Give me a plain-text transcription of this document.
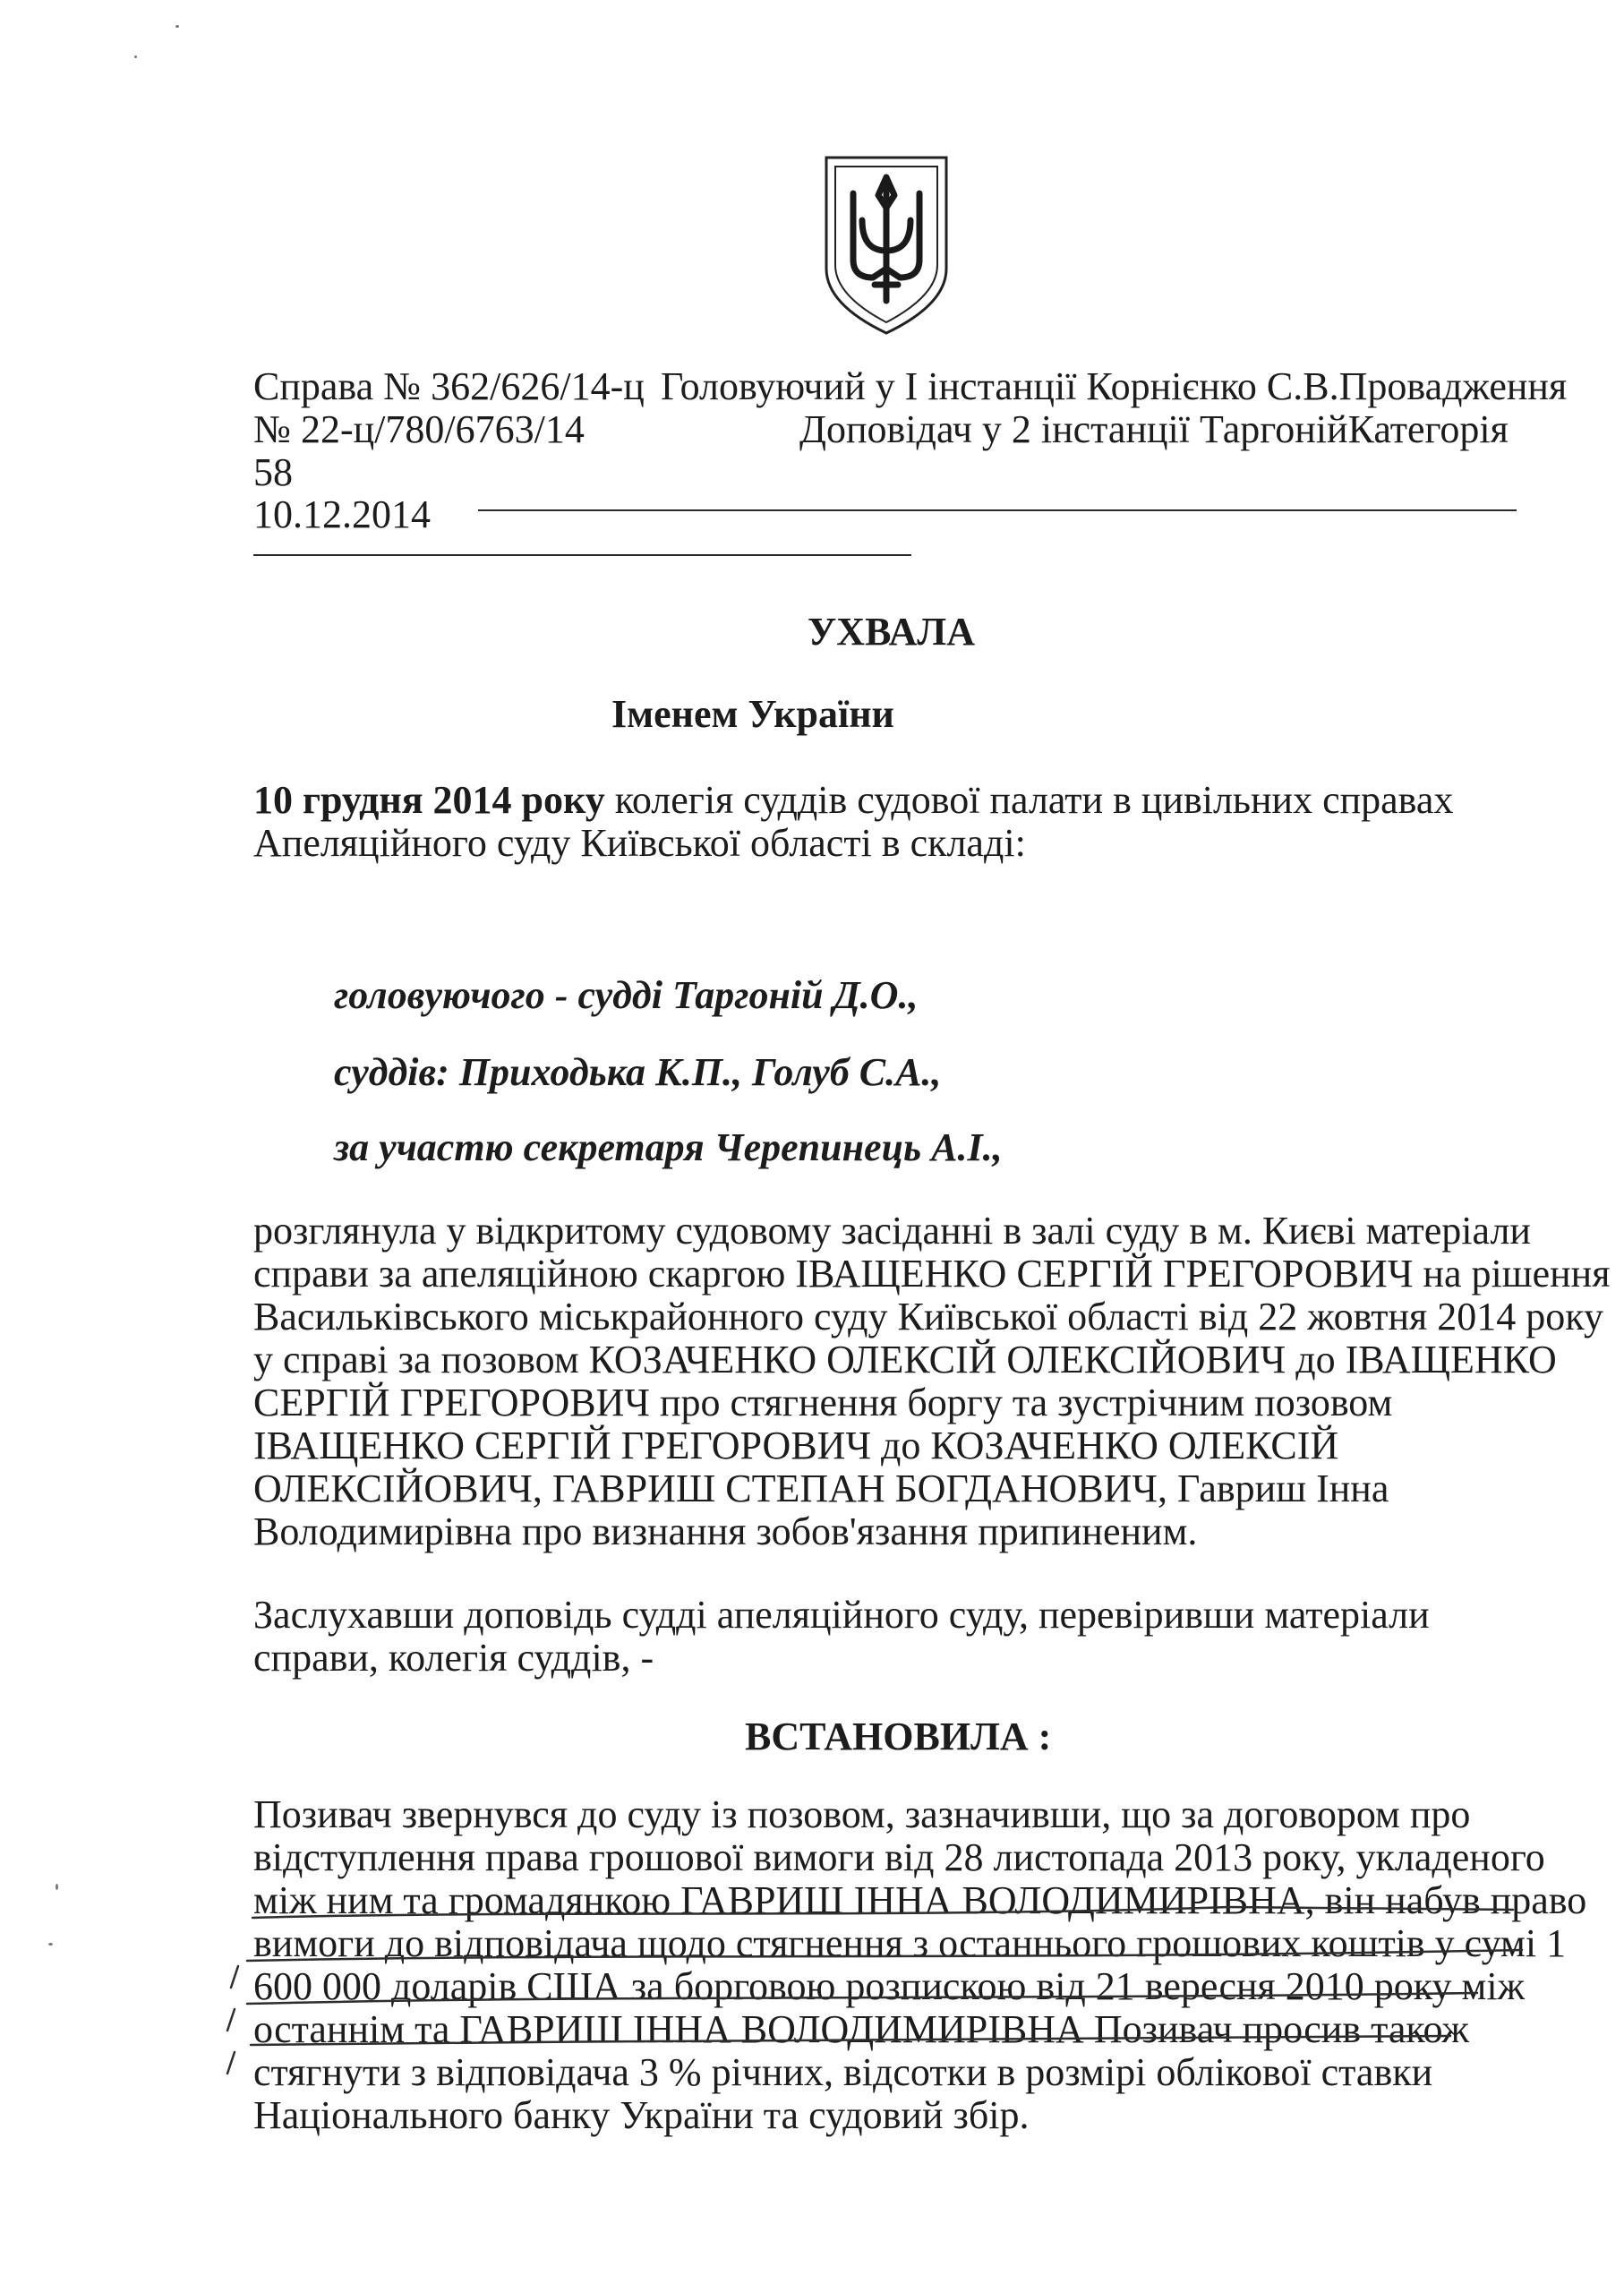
Справа № 362/626/14-ц Головуючий у І інстанції Корнієнко С.В.Провадження
№ 22-ц/780/6763/14	Доповідач у 2 інстанції ТаргонійКатегорія
58
10.12.2014
УХВАЛА
Іменем України
10 грудня 2014 року колегія суддів судової палати в цивільних справах
Апеляційного суду Київської області в складі:
головуючого - судді Таргоній Д.О.,
суддів: Приходька К.П., Голуб С.А.,
за участю секретаря Черепинець А.І.,
розглянула у відкритому судовому засіданні в залі суду в м. Києві матеріали
справи за апеляційною скаргою ІВАЩЕНКО СЕРГІЙ ГРЕГОРОВИЧ на рішення
Васильківського міськрайонного суду Київської області від 22 жовтня 2014 року
у справі за позовом КОЗАЧЕНКО ОЛЕКСІЙ ОЛЕКСІЙОВИЧ до ІВАЩЕНКО
СЕРГІЙ ГРЕГОРОВИЧ про стягнення боргу та зустрічним позовом
ІВАЩЕНКО СЕРГІЙ ГРЕГОРОВИЧ до КОЗАЧЕНКО ОЛЕКСІЙ
ОЛЕКСІЙОВИЧ, ГАВРИШ СТЕПАН БОГДАНОВИЧ, Гавриш Інна
Володимирівна про визнання зобов'язання припиненим.
Заслухавши доповідь судді апеляційного суду, перевіривши матеріали
справи, колегія суддів, -
ВСТАНОВИЛА :
Позивач звернувся до суду із позовом, зазначивши, що за договором про
відступлення права грошової вимоги від 28 листопада 2013 року, укладеного
між ним та громадянкою ГАВРИШ ІННА ВОЛОДИМИРІВНА, він набув право
вимоги до відповідача щодо стягнення з останнього грошових коштів у сумі 1
600 000 доларів США за борговою розпискою від 21 вересня 2010 року між
останнім та ГАВРИШ ІННА ВОЛОДИМИРІВНА Позивач просив також
стягнути з відповідача 3 % річних, відсотки в розмірі облікової ставки
Національного банку України та судовий збір.
